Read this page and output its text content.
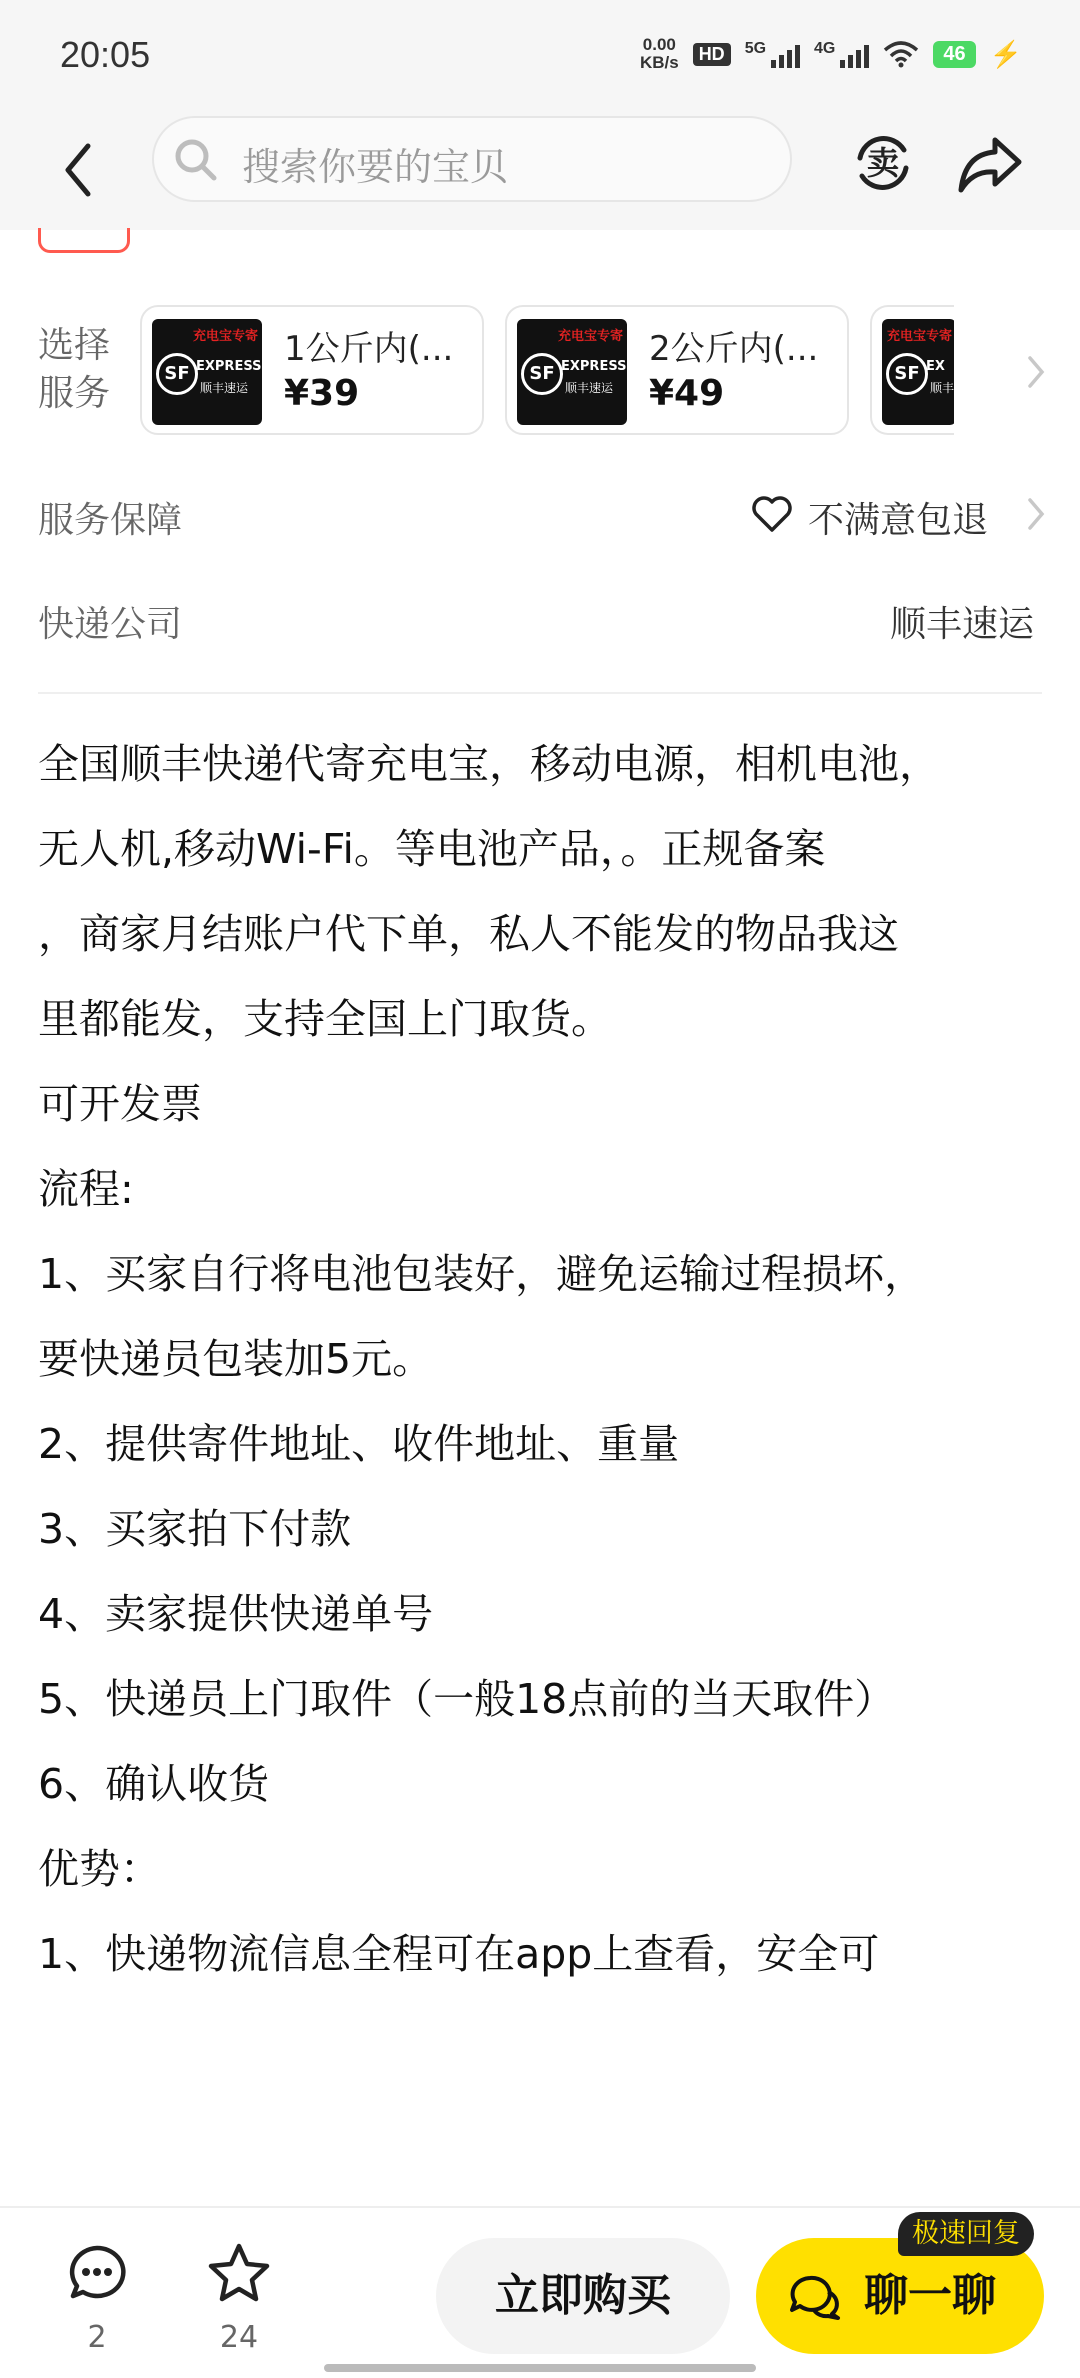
20:05	0.00
KB/s	HD	5G	4G	46 ⚡
搜索你要的宝贝	卖
选择服务
充电宝专寄
SF EXPRESS
顺丰速运
1公斤内(...
¥39
充电宝专寄
SF EXPRESS
顺丰速运
2公斤内(...
¥49
充电宝专寄
SF EX
顺丰
服务保障	不满意包退
快递公司	顺丰速运

全国顺丰快递代寄充电宝，移动电源，相机电池，

无人机,移动Wi-Fi。等电池产品，。正规备案

，商家月结账户代下单，私人不能发的物品我这

里都能发，支持全国上门取货。

可开发票

流程:

1、买家自行将电池包装好，避免运输过程损坏，

要快递员包装加5元。

2、提供寄件地址、收件地址、重量

3、买家拍下付款

4、卖家提供快递单号

5、快递员上门取件（一般18点前的当天取件）

6、确认收货

优势：

1、快递物流信息全程可在app上查看，安全可

2	24
立即购买	聊一聊
极速回复
